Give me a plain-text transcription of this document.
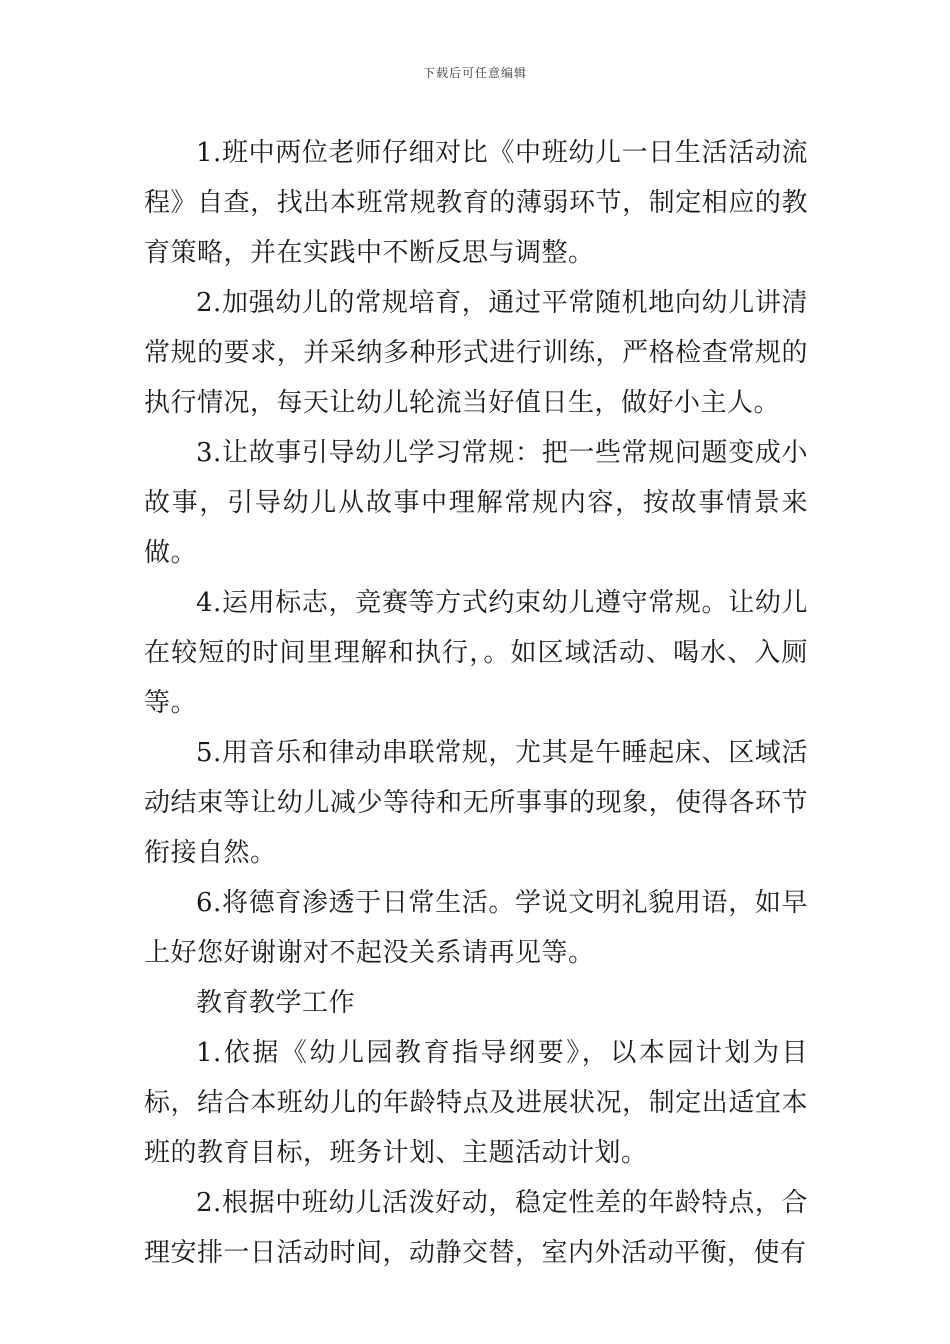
下载后可任意编辑

1.班中两位老师仔细对比《中班幼儿一日生活活动流程》自查，找出本班常规教育的薄弱环节，制定相应的教育策略，并在实践中不断反思与调整。

2.加强幼儿的常规培育，通过平常随机地向幼儿讲清常规的要求，并采纳多种形式进行训练，严格检查常规的执行情况，每天让幼儿轮流当好值日生，做好小主人。

3.让故事引导幼儿学习常规：把一些常规问题变成小故事，引导幼儿从故事中理解常规内容，按故事情景来做。

4.运用标志，竞赛等方式约束幼儿遵守常规。让幼儿在较短的时间里理解和执行，。如区域活动、喝水、入厕等。

5.用音乐和律动串联常规，尤其是午睡起床、区域活动结束等让幼儿减少等待和无所事事的现象，使得各环节衔接自然。

6.将德育渗透于日常生活。学说文明礼貌用语，如早上好您好谢谢对不起没关系请再见等。

教育教学工作

1.依据《幼儿园教育指导纲要》，以本园计划为目标，结合本班幼儿的年龄特点及进展状况，制定出适宜本班的教育目标，班务计划、主题活动计划。

2.根据中班幼儿活泼好动，稳定性差的年龄特点，合理安排一日活动时间，动静交替，室内外活动平衡，使有
